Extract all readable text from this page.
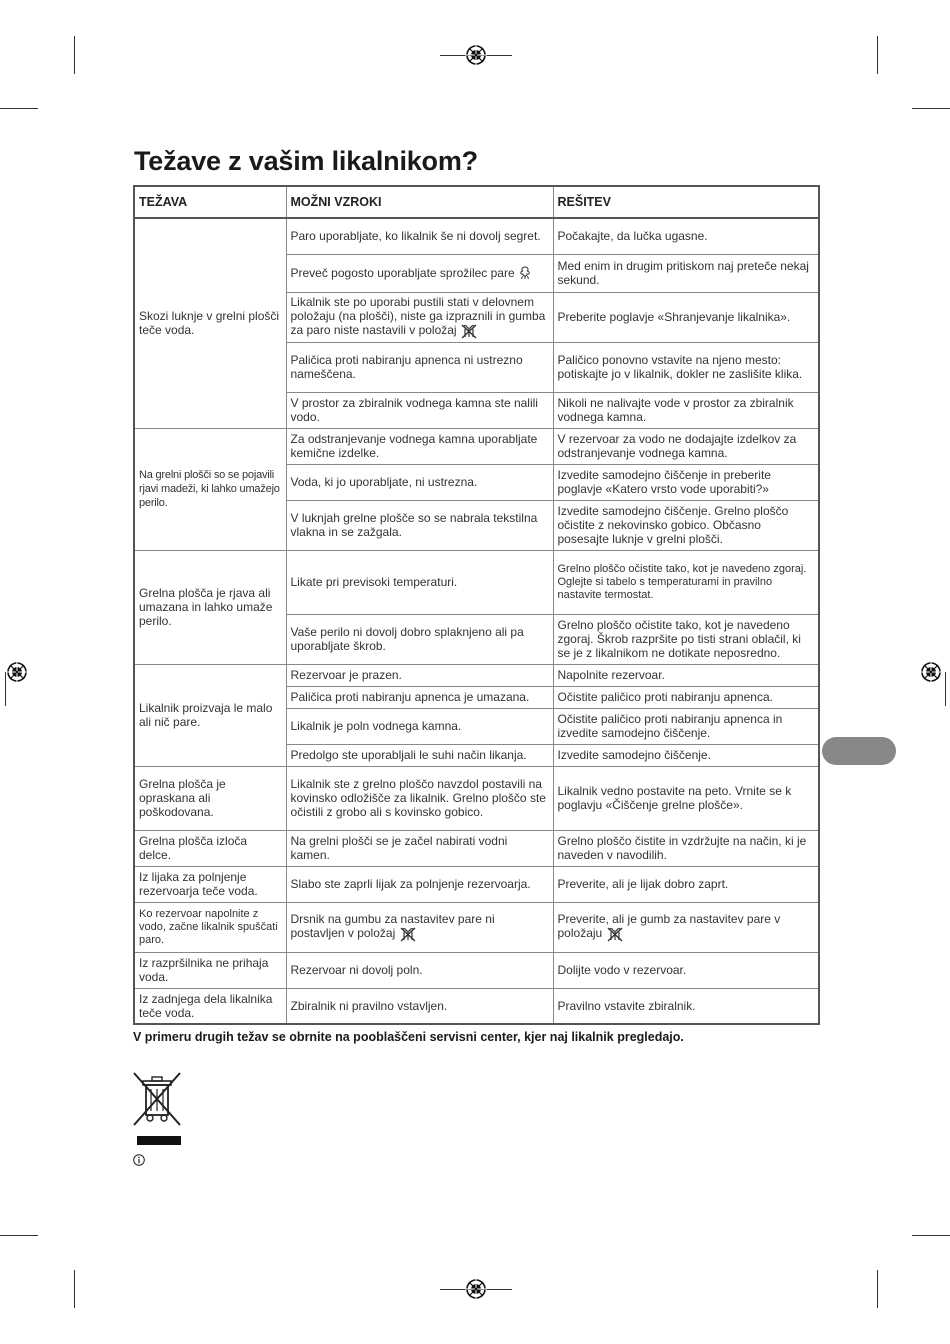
Težave z vašim likalnikom?
TEŽAVA	MOŽNI VZROKI	REŠITEV
Skozi luknje v grelni plošči teče voda.	Paro uporabljate, ko likalnik še ni dovolj segret.	Počakajte, da lučka ugasne.
	Preveč pogosto uporabljate sprožilec pare	Med enim in drugim pritiskom naj preteče nekaj sekund.
	Likalnik ste po uporabi pustili stati v delovnem položaju (na plošči), niste ga izpraznili in gumba za paro niste nastavili v položaj	Preberite poglavje «Shranjevanje likalnika».
	Paličica proti nabiranju apnenca ni ustrezno nameščena.	Paličico ponovno vstavite na njeno mesto: potiskajte jo v likalnik, dokler ne zaslišite klika.
	V prostor za zbiralnik vodnega kamna ste nalili vodo.	Nikoli ne nalivajte vode v prostor za zbiralnik vodnega kamna.
Na grelni plošči so se pojavili rjavi madeži, ki lahko umažejo perilo.	Za odstranjevanje vodnega kamna uporabljate kemične izdelke.	V rezervoar za vodo ne dodajajte izdelkov za odstranjevanje vodnega kamna.
	Voda, ki jo uporabljate, ni ustrezna.	Izvedite samodejno čiščenje in preberite poglavje «Katero vrsto vode uporabiti?»
	V luknjah grelne plošče so se nabrala tekstilna vlakna in se zažgala.	Izvedite samodejno čiščenje. Grelno ploščo očistite z nekovinsko gobico. Občasno posesajte luknje v grelni plošči.
Grelna plošča je rjava ali umazana in lahko umaže perilo.	Likate pri previsoki temperaturi.	Grelno ploščo očistite tako, kot je navedeno zgoraj. Oglejte si tabelo s temperaturami in pravilno nastavite termostat.
	Vaše perilo ni dovolj dobro splaknjeno ali pa uporabljate škrob.	Grelno ploščo očistite tako, kot je navedeno zgoraj. Škrob razpršite po tisti strani oblačil, ki se je z likalnikom ne dotikate neposredno.
Likalnik proizvaja le malo ali nič pare.	Rezervoar je prazen.	Napolnite rezervoar.
	Paličica proti nabiranju apnenca je umazana.	Očistite paličico proti nabiranju apnenca.
	Likalnik je poln vodnega kamna.	Očistite paličico proti nabiranju apnenca in izvedite samodejno čiščenje.
	Predolgo ste uporabljali le suhi način likanja.	Izvedite samodejno čiščenje.
Grelna plošča je opraskana ali poškodovana.	Likalnik ste z grelno ploščo navzdol postavili na kovinsko odložišče za likalnik. Grelno ploščo ste očistili z grobo ali s kovinsko gobico.	Likalnik vedno postavite na peto. Vrnite se k poglavju «Čiščenje grelne plošče».
Grelna plošča izloča delce.	Na grelni plošči se je začel nabirati vodni kamen.	Grelno ploščo čistite in vzdržujte na način, ki je naveden v navodilih.
Iz lijaka za polnjenje rezervoarja teče voda.	Slabo ste zaprli lijak za polnjenje rezervoarja.	Preverite, ali je lijak dobro zaprt.
Ko rezervoar napolnite z vodo, začne likalnik spuščati paro.	Drsnik na gumbu za nastavitev pare ni postavljen v položaj	Preverite, ali je gumb za nastavitev pare v položaju

Iz razpršilnika ne prihaja voda.	Rezervoar ni dovolj poln.	Dolijte vodo v rezervoar.
Iz zadnjega dela likalnika teče voda.	Zbiralnik ni pravilno vstavljen.	Pravilno vstavite zbiralnik.
V primeru drugih težav se obrnite na pooblaščeni servisni center, kjer naj likalnik pregledajo.
